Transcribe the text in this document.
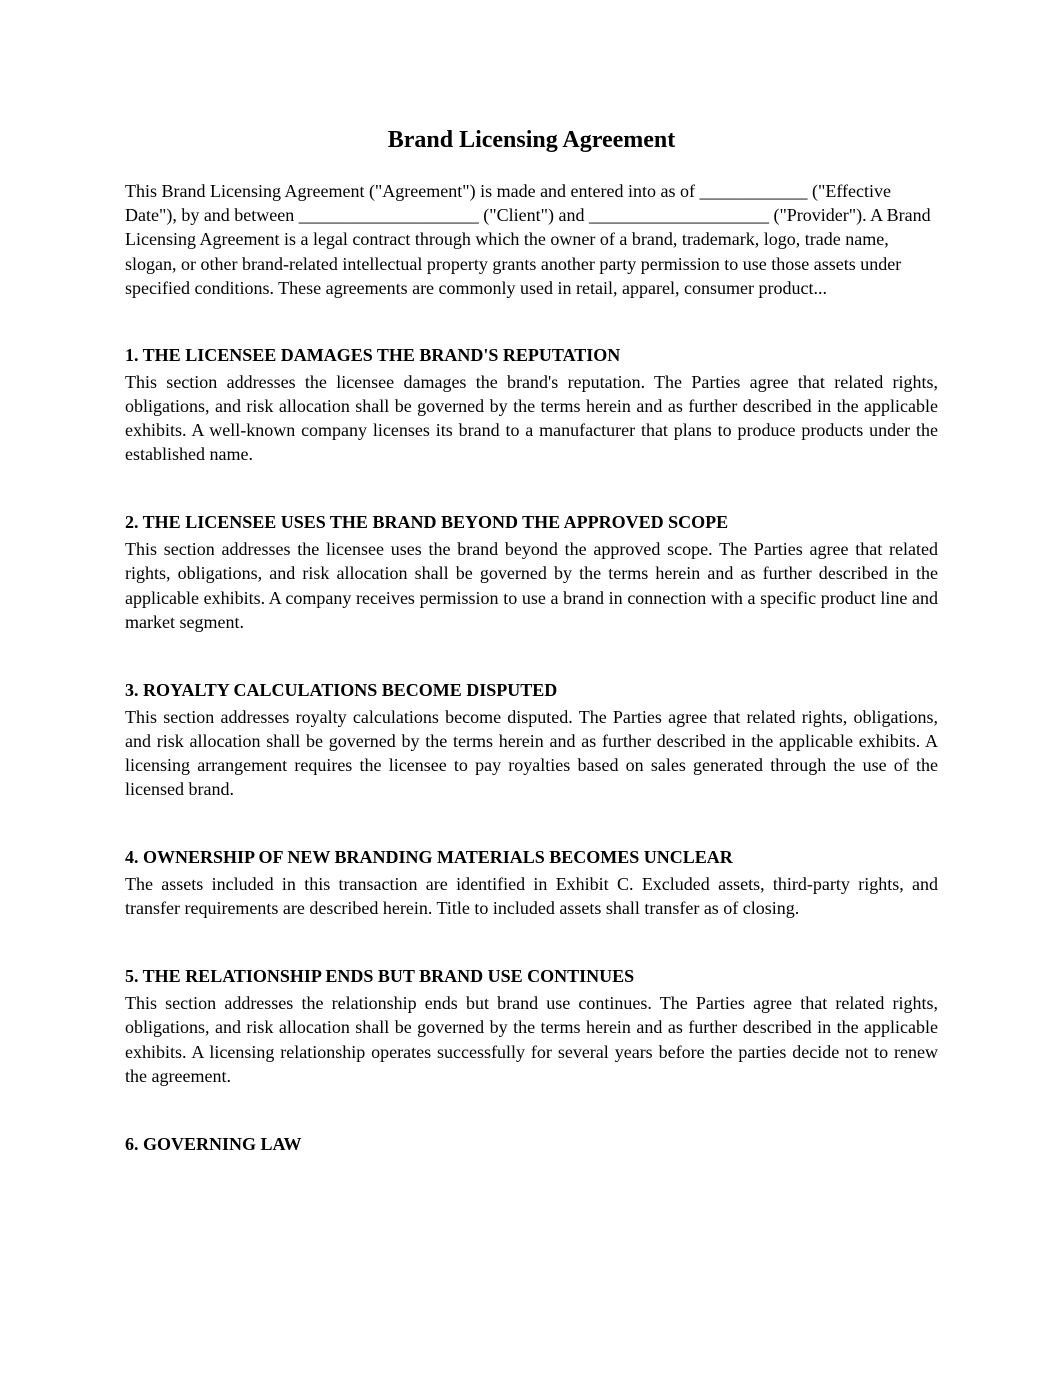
Brand Licensing Agreement

This Brand Licensing Agreement ("Agreement") is made and entered into as of ____________ ("Effective Date"), by and between ____________________ ("Client") and ____________________ ("Provider"). A Brand Licensing Agreement is a legal contract through which the owner of a brand, trademark, logo, trade name, slogan, or other brand-related intellectual property grants another party permission to use those assets under specified conditions. These agreements are commonly used in retail, apparel, consumer product...

1. THE LICENSEE DAMAGES THE BRAND'S REPUTATION

This section addresses the licensee damages the brand's reputation. The Parties agree that related rights, obligations, and risk allocation shall be governed by the terms herein and as further described in the applicable exhibits. A well-known company licenses its brand to a manufacturer that plans to produce products under the established name.

2. THE LICENSEE USES THE BRAND BEYOND THE APPROVED SCOPE

This section addresses the licensee uses the brand beyond the approved scope. The Parties agree that related rights, obligations, and risk allocation shall be governed by the terms herein and as further described in the applicable exhibits. A company receives permission to use a brand in connection with a specific product line and market segment.

3. ROYALTY CALCULATIONS BECOME DISPUTED

This section addresses royalty calculations become disputed. The Parties agree that related rights, obligations, and risk allocation shall be governed by the terms herein and as further described in the applicable exhibits. A licensing arrangement requires the licensee to pay royalties based on sales generated through the use of the licensed brand.

4. OWNERSHIP OF NEW BRANDING MATERIALS BECOMES UNCLEAR

The assets included in this transaction are identified in Exhibit C. Excluded assets, third-party rights, and transfer requirements are described herein. Title to included assets shall transfer as of closing.

5. THE RELATIONSHIP ENDS BUT BRAND USE CONTINUES

This section addresses the relationship ends but brand use continues. The Parties agree that related rights, obligations, and risk allocation shall be governed by the terms herein and as further described in the applicable exhibits. A licensing relationship operates successfully for several years before the parties decide not to renew the agreement.

6. GOVERNING LAW
